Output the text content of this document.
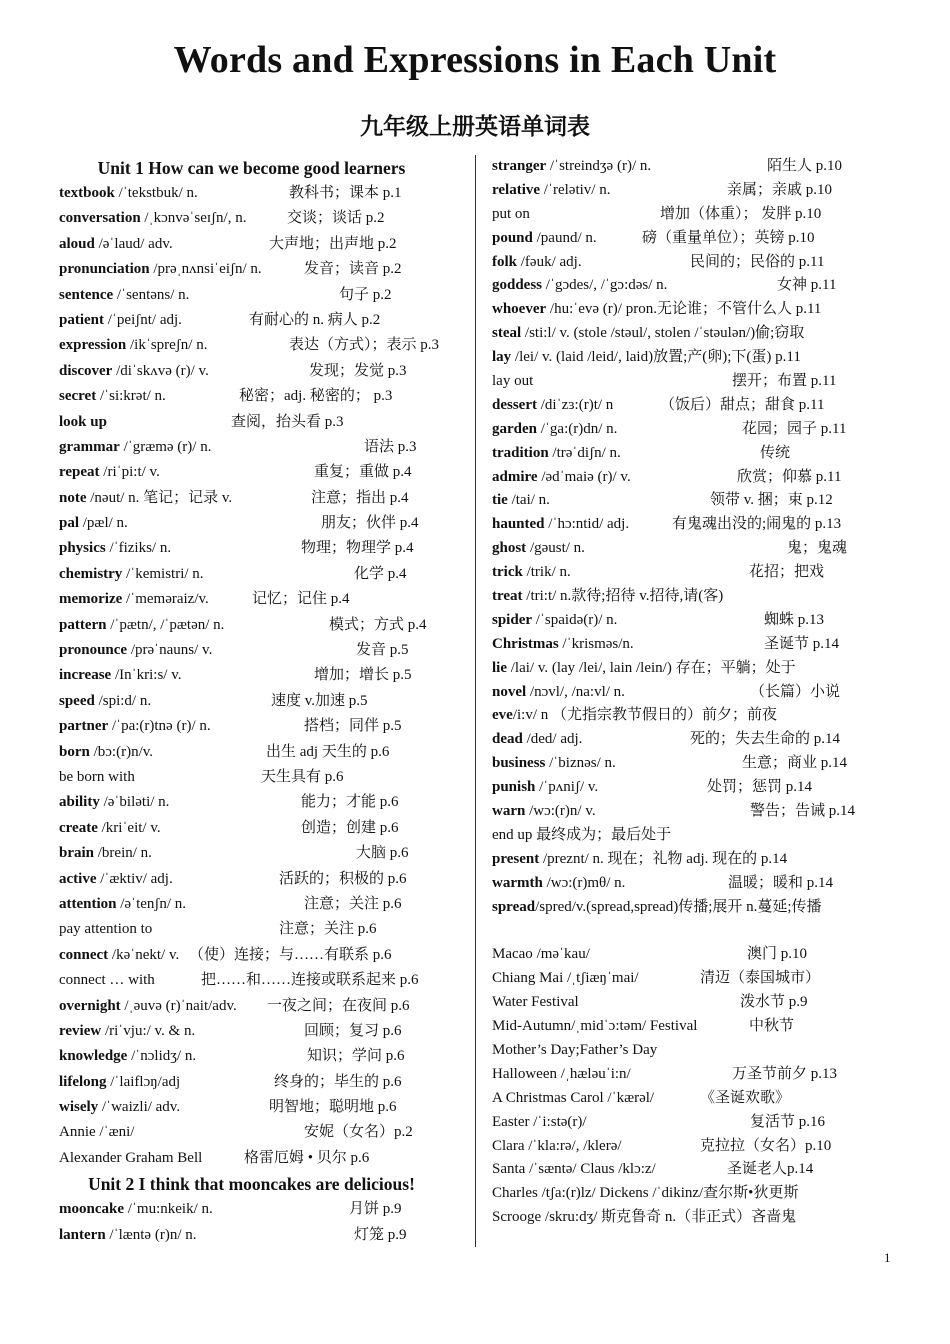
Words and Expressions in Each Unit
九年级上册英语单词表
Unit 1 How can we become good learners
textbook /ˈtekstbuk/ n.	教科书；课本 p.1
conversation /ˌkɔnvəˈseɪʃn/, n.	交谈；谈话 p.2
aloud /əˈlaud/ adv.	大声地；出声地 p.2
pronunciation /prəˌnʌnsiˈeiʃn/ n.	发音；读音 p.2
sentence /ˈsentəns/ n.	句子 p.2
patient /ˈpeiʃnt/ adj.	有耐心的 n. 病人 p.2
expression /ikˈspreʃn/ n.	表达（方式）；表示 p.3
discover /diˈskʌvə (r)/ v.	发现；发觉 p.3
secret /ˈsi:krət/ n.	秘密；adj. 秘密的； p.3
look up	查阅，抬头看 p.3
grammar /ˈgræmə (r)/ n.	语法 p.3
repeat /riˈpi:t/ v.	重复；重做 p.4
note /nəut/ n. 笔记；记录 v.	注意；指出 p.4
pal /pæl/ n.	朋友；伙伴 p.4
physics /ˈfiziks/ n.	物理；物理学 p.4
chemistry /ˈkemistri/ n.	化学 p.4
memorize /ˈmeməraiz/v.	记忆；记住 p.4
pattern /ˈpætn/, /ˈpætən/ n.	模式；方式 p.4
pronounce /prəˈnauns/ v.	发音 p.5
increase /Inˈkri:s/ v.	增加；增长 p.5
speed /spi:d/ n.	速度 v.加速 p.5
partner /ˈpa:(r)tnə (r)/ n.	搭档；同伴 p.5
born /bɔ:(r)n/v.	出生 adj 天生的 p.6
be born with	天生具有 p.6
ability /əˈbiləti/ n.	能力；才能 p.6
create /kriˈeit/ v.	创造；创建 p.6
brain /brein/ n.	大脑 p.6
active /ˈæktiv/ adj.	活跃的；积极的 p.6
attention /əˈtenʃn/ n.	注意；关注 p.6
pay attention to	注意；关注 p.6
connect /kəˈnekt/ v. （使）连接；与……有联系 p.6
connect … with	把……和……连接或联系起来 p.6
overnight /ˌəuvə (r)ˈnait/adv. 一夜之间；在夜间 p.6
review /riˈvju:/ v. & n.	回顾；复习 p.6
knowledge /ˈnɔlidʒ/ n.	知识；学问 p.6
lifelong /ˈlaiflɔŋ/adj	终身的；毕生的 p.6
wisely /ˈwaizli/ adv.	明智地；聪明地 p.6
Annie /ˈæni/	安妮（女名）p.2
Alexander Graham Bell	格雷厄姆 • 贝尔 p.6
Unit 2 I think that mooncakes are delicious!
mooncake /ˈmu:nkeik/ n.	月饼 p.9
lantern /ˈlæntə (r)n/ n.	灯笼 p.9
stranger /ˈstreindʒə (r)/ n.	陌生人 p.10
relative /ˈrelətiv/ n.	亲属；亲戚 p.10
put on	增加（体重）； 发胖 p.10
pound /paund/ n.	磅（重量单位）；英镑 p.10
folk /fəuk/ adj.	民间的；民俗的 p.11
goddess /ˈgɔdes/, /ˈgɔ:dəs/ n.	女神 p.11
whoever /hu:ˈevə (r)/ pron.无论谁；不管什么人 p.11
steal /sti:l/ v. (stole /stəul/, stolen /ˈstəulən/)偷;窃取
lay /lei/ v. (laid /leid/, laid)放置;产(卵);下(蛋) p.11
lay out	摆开；布置 p.11
dessert /diˈzɜ:(r)t/ n	（饭后）甜点；甜食 p.11
garden /ˈga:(r)dn/ n.	花园；园子 p.11
tradition /trəˈdiʃn/ n.	传统
admire /ədˈmaiə (r)/ v.	欣赏；仰慕 p.11
tie /tai/ n.	领带 v. 捆；束 p.12
haunted /ˈhɔ:ntid/ adj.	有鬼魂出没的;闹鬼的 p.13
ghost /gəust/ n.	鬼；鬼魂
trick /trik/ n.	花招；把戏
treat /tri:t/ n.款待;招待 v.招待,请(客)
spider /ˈspaidə(r)/ n.	蜘蛛 p.13
Christmas /ˈkrisməs/n.	圣诞节 p.14
lie /lai/ v. (lay /lei/, lain /lein/) 存在；平躺；处于
novel /nɔvl/, /na:vl/ n.	（长篇）小说
eve/i:v/ n （尤指宗教节假日的）前夕；前夜
dead /ded/ adj.	死的；失去生命的 p.14
business /ˈbiznəs/ n.	生意；商业 p.14
punish /ˈpʌniʃ/ v.	处罚；惩罚 p.14
warn /wɔ:(r)n/ v.	警告；告诫 p.14
end up 最终成为；最后处于
present /preznt/ n. 现在；礼物 adj. 现在的 p.14
warmth /wɔ:(r)mθ/ n.	温暖；暖和 p.14
spread/spred/v.(spread,spread)传播;展开 n.蔓延;传播
Macao /məˈkau/	澳门 p.10
Chiang Mai /ˌtʃiæŋˈmai/	清迈（泰国城市）
Water Festival	泼水节 p.9
Mid-Autumn/ˌmidˈɔ:təm/ Festival	中秋节
Mother’s Day;Father’s Day
Halloween /ˌhæləuˈi:n/	万圣节前夕 p.13
A Christmas Carol /ˈkærəl/	《圣诞欢歌》
Easter /ˈi:stə(r)/	复活节 p.16
Clara /ˈkla:rə/, /klerə/	克拉拉（女名）p.10
Santa /ˈsæntə/ Claus /klɔ:z/	圣诞老人p.14
Charles /tʃa:(r)lz/ Dickens /ˈdikinz/查尔斯•狄更斯
Scrooge /skru:dʒ/ 斯克鲁奇 n.（非正式）吝啬鬼
1
